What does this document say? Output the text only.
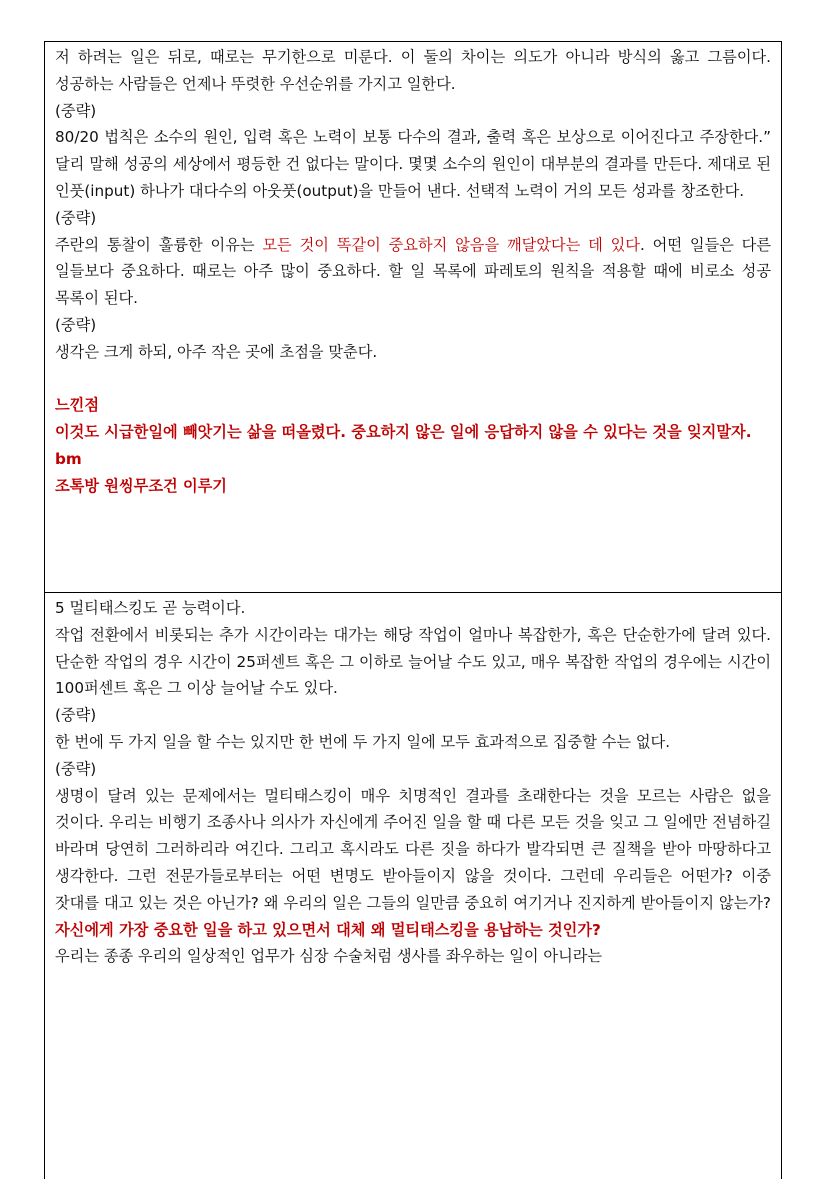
저 하려는 일은 뒤로, 때로는 무기한으로 미룬다. 이 둘의 차이는 의도가 아니라 방식의 옳고 그름이다. 성공하는 사람들은 언제나 뚜렷한 우선순위를 가지고 일한다.

(중략)

80/20 법칙은 소수의 원인, 입력 혹은 노력이 보통 다수의 결과, 출력 혹은 보상으로 이어진다고 주장한다.” 달리 말해 성공의 세상에서 평등한 건 없다는 말이다. 몇몇 소수의 원인이 대부분의 결과를 만든다. 제대로 된 인풋(input) 하나가 대다수의 아웃풋(output)을 만들어 낸다. 선택적 노력이 거의 모든 성과를 창조한다.

(중략)

주란의 통찰이 훌륭한 이유는 모든 것이 똑같이 중요하지 않음을 깨달았다는 데 있다. 어떤 일들은 다른 일들보다 중요하다. 때로는 아주 많이 중요하다. 할 일 목록에 파레토의 원칙을 적용할 때에 비로소 성공 목록이 된다.

(중략)

생각은 크게 하되, 아주 작은 곳에 초점을 맞춘다.

느낀점

이것도 시급한일에 빼앗기는 삶을 떠올렸다. 중요하지 않은 일에 응답하지 않을 수 있다는 것을 잊지말자.

bm

조톡방 원씽무조건 이루기

5 멀티태스킹도 곧 능력이다.

작업 전환에서 비롯되는 추가 시간이라는 대가는 해당 작업이 얼마나 복잡한가, 혹은 단순한가에 달려 있다. 단순한 작업의 경우 시간이 25퍼센트 혹은 그 이하로 늘어날 수도 있고, 매우 복잡한 작업의 경우에는 시간이 100퍼센트 혹은 그 이상 늘어날 수도 있다.

(중략)

한 번에 두 가지 일을 할 수는 있지만 한 번에 두 가지 일에 모두 효과적으로 집중할 수는 없다.

(중략)

생명이 달려 있는 문제에서는 멀티태스킹이 매우 치명적인 결과를 초래한다는 것을 모르는 사람은 없을 것이다. 우리는 비행기 조종사나 의사가 자신에게 주어진 일을 할 때 다른 모든 것을 잊고 그 일에만 전념하길 바라며 당연히 그러하리라 여긴다. 그리고 혹시라도 다른 짓을 하다가 발각되면 큰 질책을 받아 마땅하다고 생각한다. 그런 전문가들로부터는 어떤 변명도 받아들이지 않을 것이다. 그런데 우리들은 어떤가? 이중 잣대를 대고 있는 것은 아닌가? 왜 우리의 일은 그들의 일만큼 중요히 여기거나 진지하게 받아들이지 않는가? 자신에게 가장 중요한 일을 하고 있으면서 대체 왜 멀티태스킹을 용납하는 것인가?

우리는 종종 우리의 일상적인 업무가 심장 수술처럼 생사를 좌우하는 일이 아니라는
